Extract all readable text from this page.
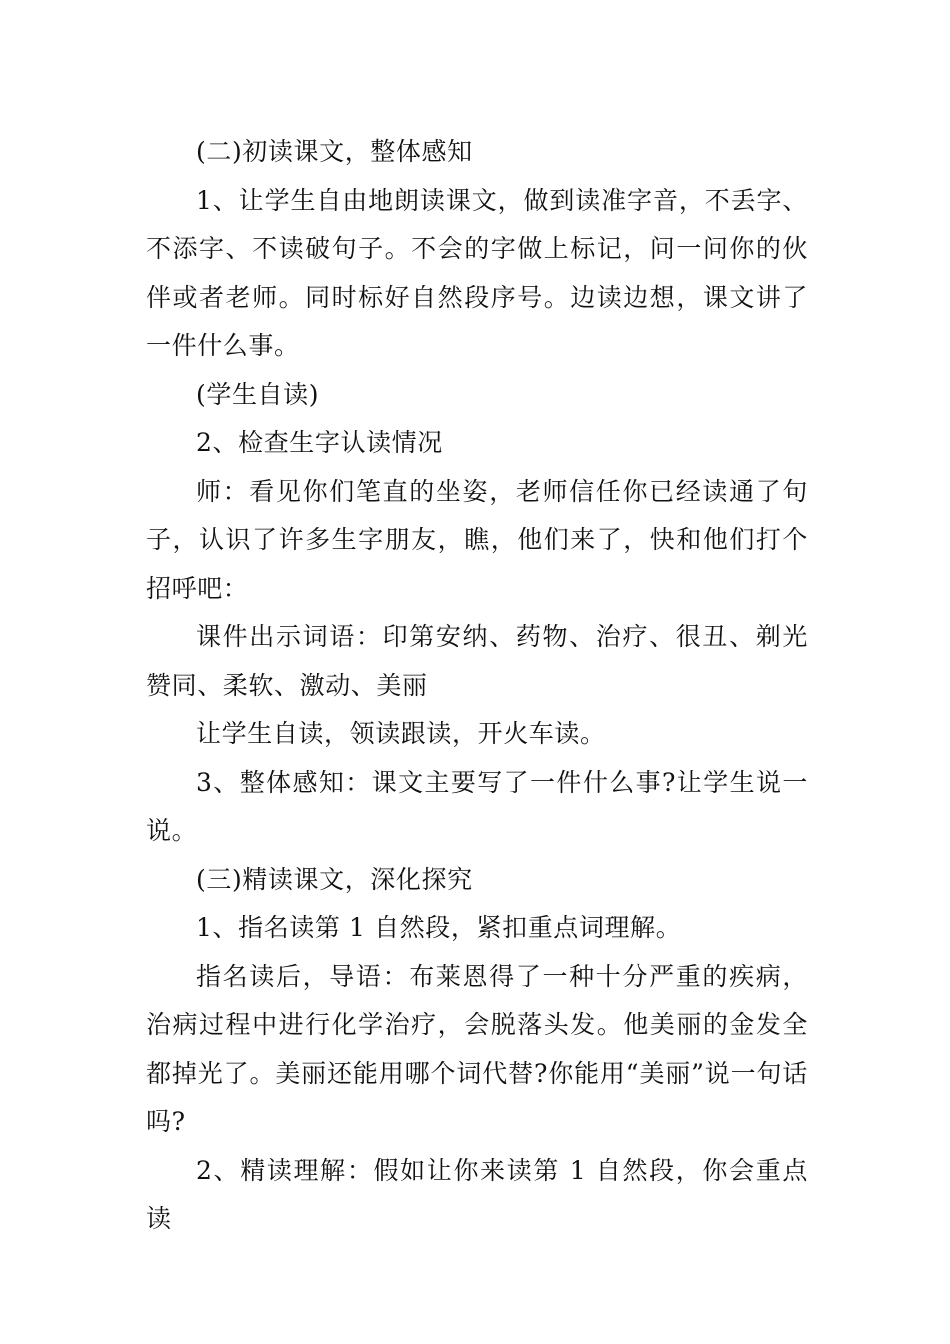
(二)初读课文，整体感知

1、让学生自由地朗读课文，做到读准字音，不丢字、不添字、不读破句子。不会的字做上标记，问一问你的伙伴或者老师。同时标好自然段序号。边读边想，课文讲了一件什么事。

(学生自读)

2、检查生字认读情况

师：看见你们笔直的坐姿，老师信任你已经读通了句子，认识了许多生字朋友，瞧，他们来了，快和他们打个招呼吧：

课件出示词语：印第安纳、药物、治疗、很丑、剃光赞同、柔软、激动、美丽

让学生自读，领读跟读，开火车读。

3、整体感知：课文主要写了一件什么事?让学生说一说。

(三)精读课文，深化探究

1、指名读第 1 自然段，紧扣重点词理解。

指名读后，导语：布莱恩得了一种十分严重的疾病，治病过程中进行化学治疗，会脱落头发。他美丽的金发全都掉光了。美丽还能用哪个词代替?你能用“美丽”说一句话吗?

2、精读理解：假如让你来读第 1 自然段，你会重点读
